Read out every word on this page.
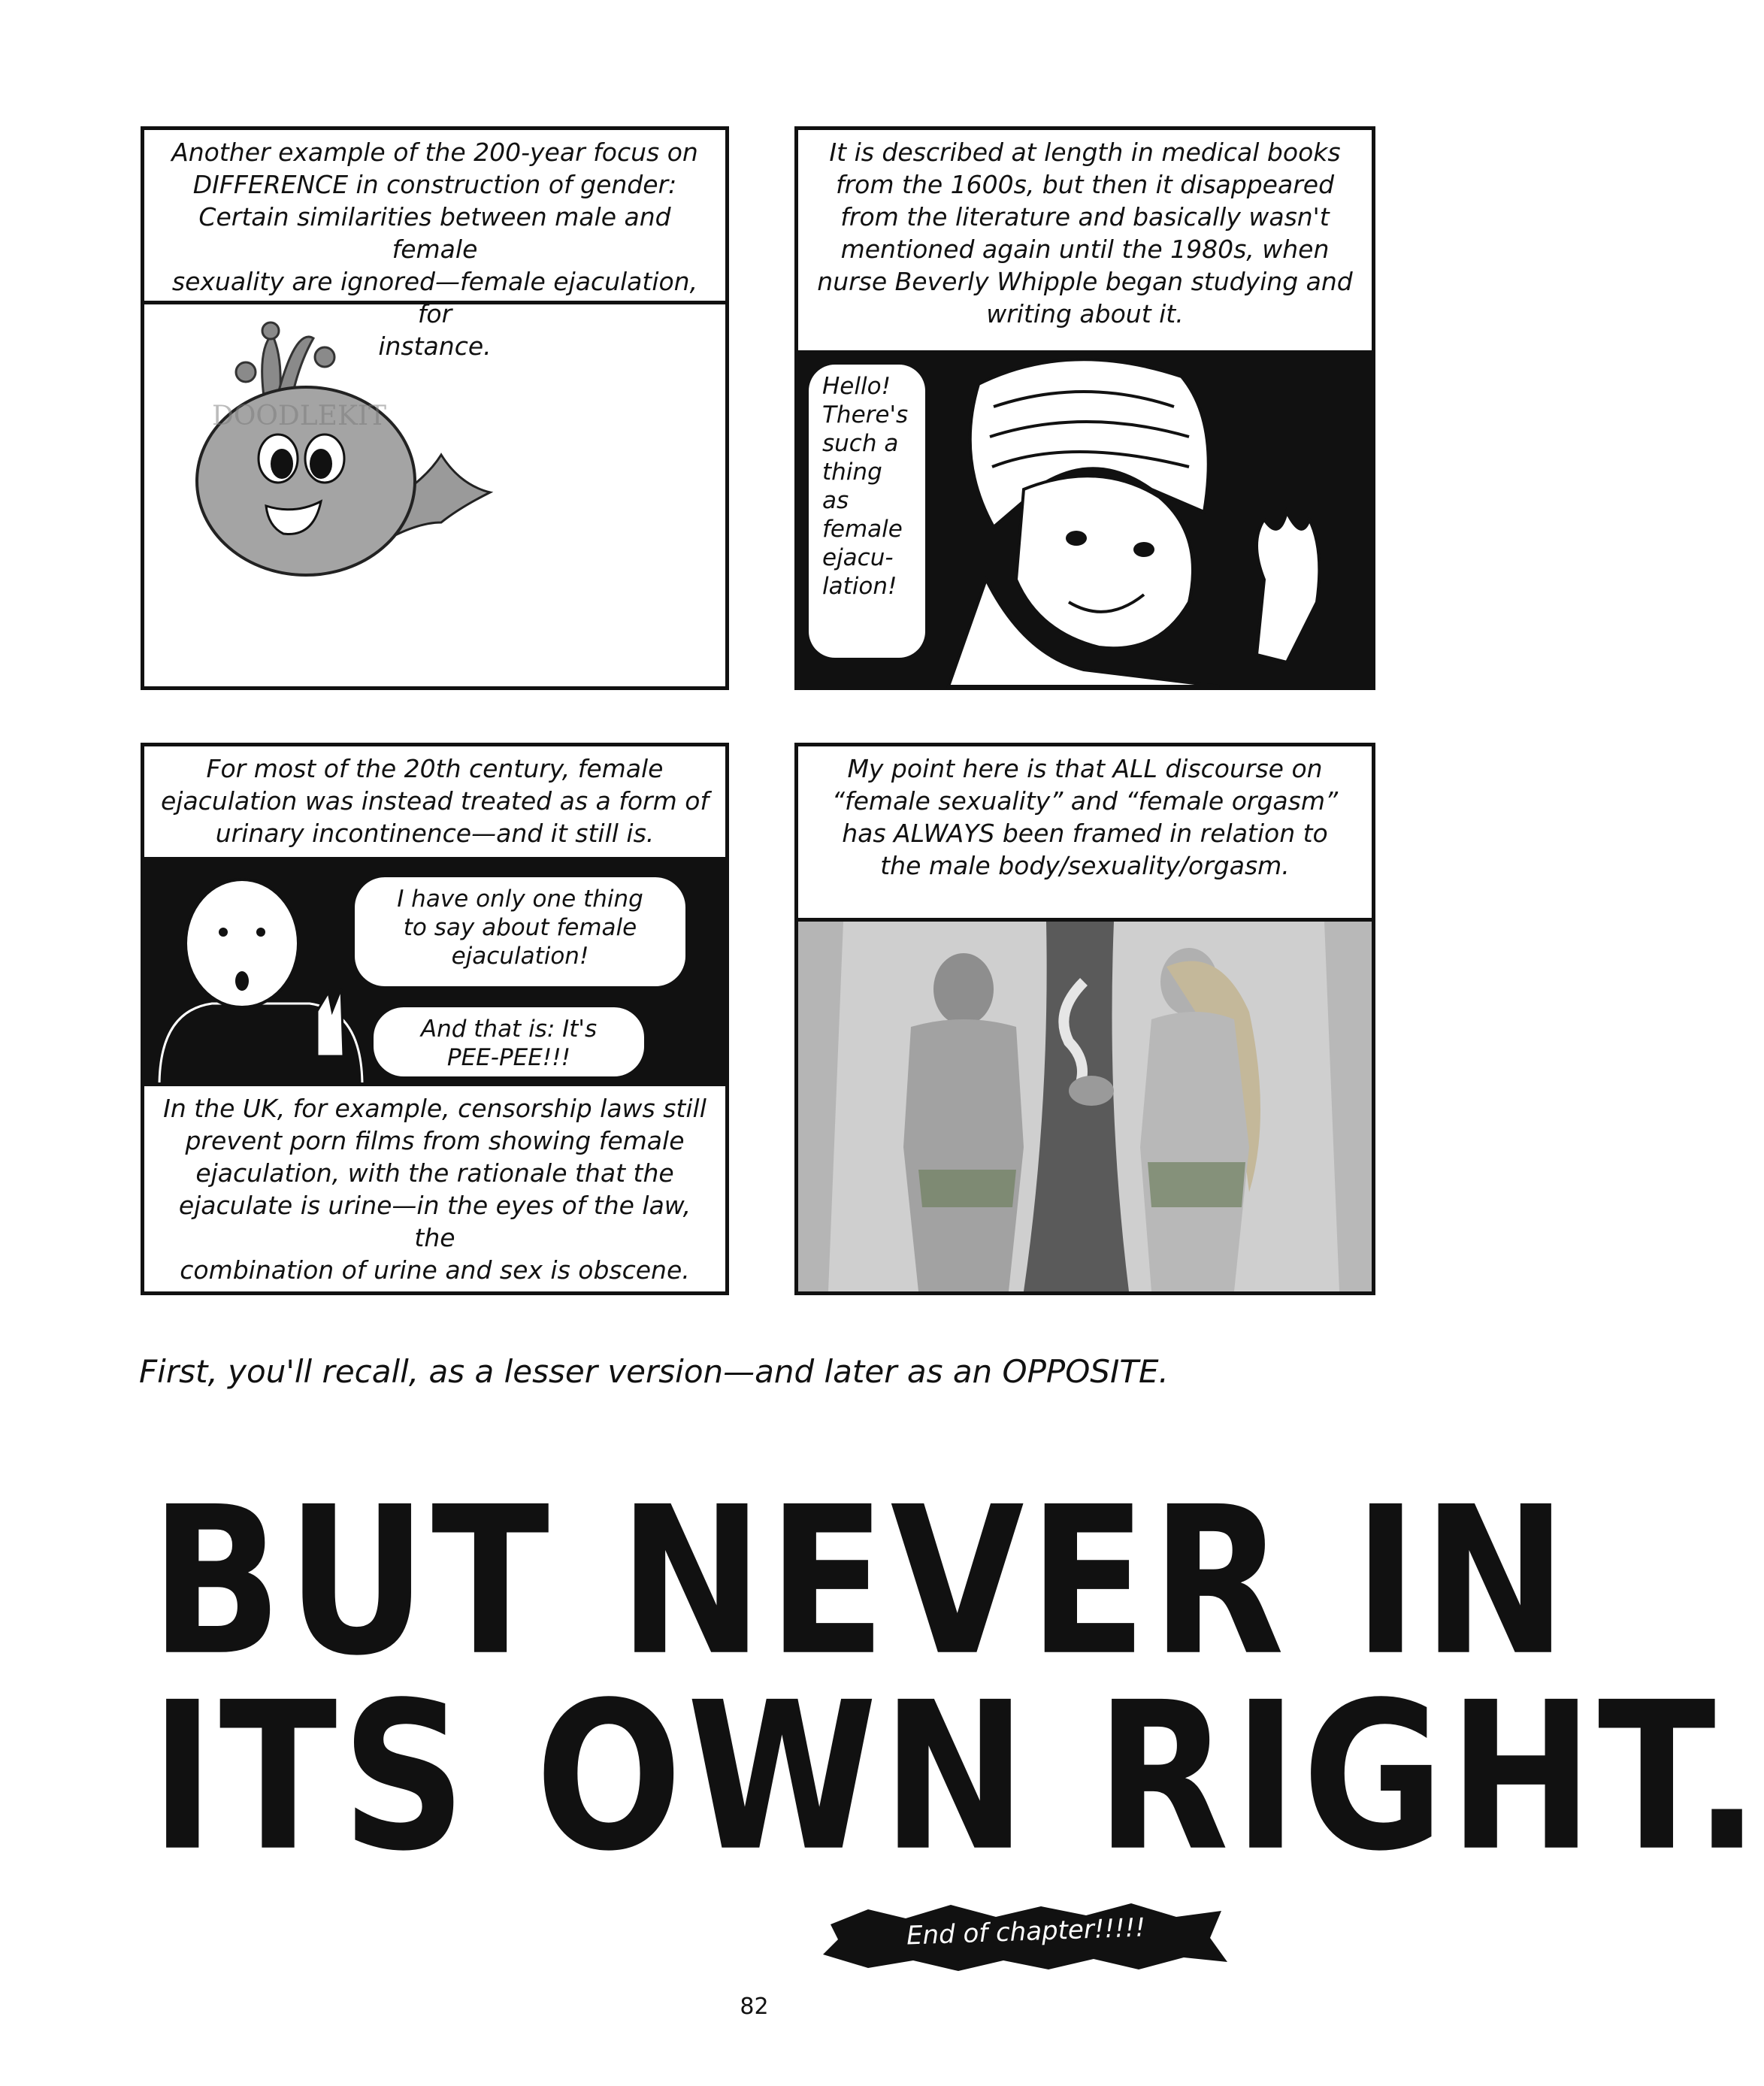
Another example of the 200-year focus on
DIFFERENCE in construction of gender:
Certain similarities between male and female
sexuality are ignored—female ejaculation, for
instance.
DOODLEKIT
It is described at length in medical books
from the 1600s, but then it disappeared
from the literature and basically wasn't
mentioned again until the 1980s, when
nurse Beverly Whipple began studying and
writing about it.
Hello!
There's
such a
thing as
female
ejacu-
lation!
For most of the 20th century, female
ejaculation was instead treated as a form of
urinary incontinence—and it still is.
I have only one thing
to say about female
ejaculation!
And that is: It's
PEE-PEE!!!
In the UK, for example, censorship laws still
prevent porn films from showing female
ejaculation, with the rationale that the
ejaculate is urine—in the eyes of the law, the
combination of urine and sex is obscene.
My point here is that ALL discourse on
“female sexuality” and “female orgasm”
has ALWAYS been framed in relation to
the male body/sexuality/orgasm.
First, you'll recall, as a lesser version—and later as an OPPOSITE.
BUT NEVER IN
ITS OWN RIGHT.
End of chapter!!!!!
82
